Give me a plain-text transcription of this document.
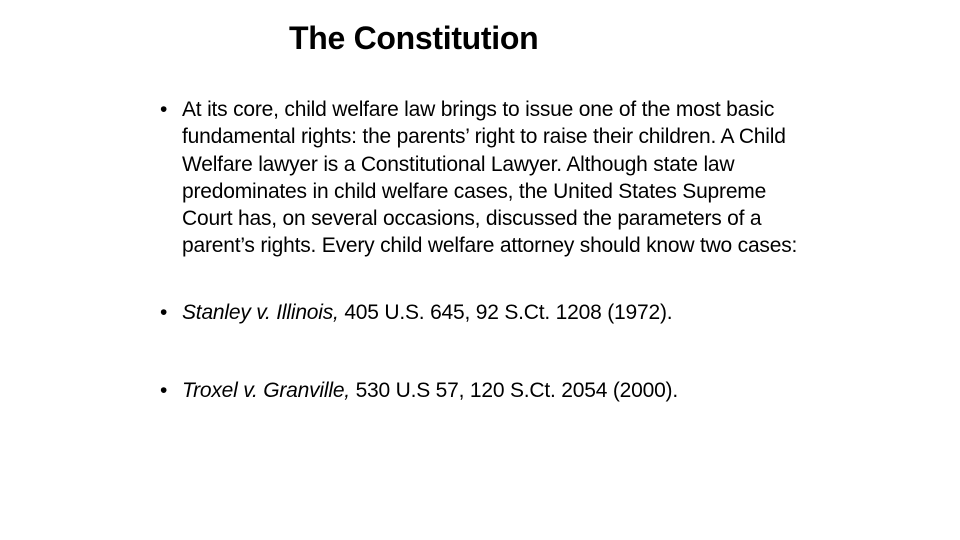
The Constitution
• At its core, child welfare law brings to issue one of the most basic fundamental rights: the parents’ right to raise their children. A Child Welfare lawyer is a Constitutional Lawyer. Although state law predominates in child welfare cases, the United States Supreme Court has, on several occasions, discussed the parameters of a parent’s rights. Every child welfare attorney should know two cases:
• Stanley v. Illinois, 405 U.S. 645, 92 S.Ct. 1208 (1972).
• Troxel v. Granville, 530 U.S 57, 120 S.Ct. 2054 (2000).
